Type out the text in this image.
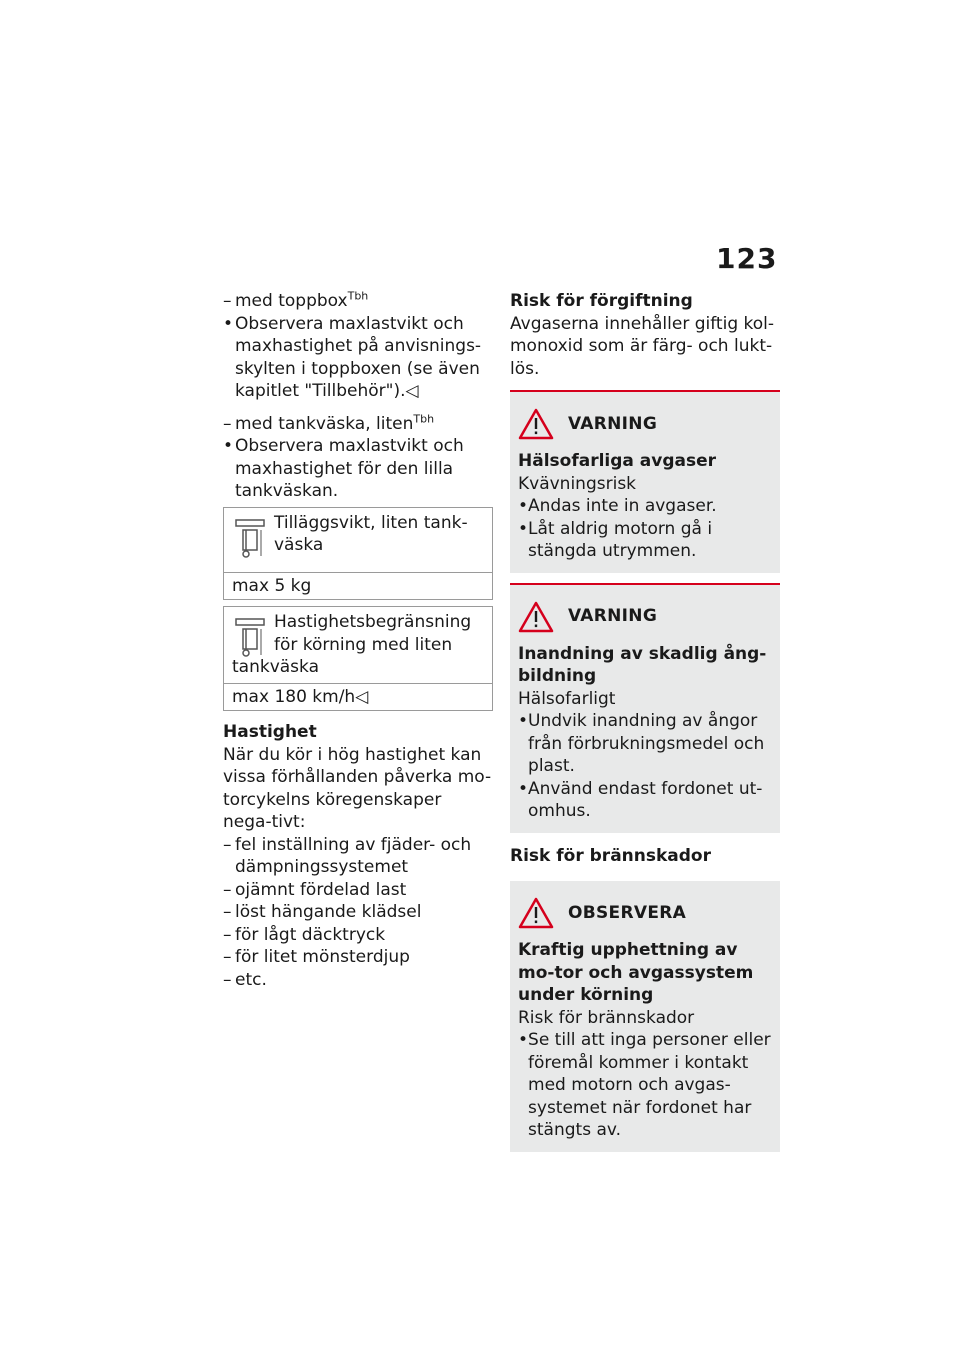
123
– med toppbox$^{Tbh}$
• Observera maxlastvikt och maxhastighet på anvisnings-skylten i toppboxen (se även kapitlet "Tillbehör").◁
– med tankväska, liten$^{Tbh}$
• Observera maxlastvikt och maxhastighet för den lilla tankväskan.
Tilläggsvikt, liten tank-väska
max 5 kg
Hastighetsbegränsning för körning med liten
tankväska
max 180 km/h◁
Hastighet
När du kör i hög hastighet kan vissa förhållanden påverka mo-torcykelns köregenskaper nega-tivt:
– fel inställning av fjäder- och dämpningssystemet
– ojämnt fördelad last
– löst hängande klädsel
– för lågt däcktryck
– för litet mönsterdjup
– etc.
Risk för förgiftning
Avgaserna innehåller giftig kol-monoxid som är färg- och lukt-lös.
VARNING
Hälsofarliga avgaser
Kvävningsrisk
• Andas inte in avgaser.
• Låt aldrig motorn gå i stängda utrymmen.
VARNING
Inandning av skadlig ång-bildning
Hälsofarligt
• Undvik inandning av ångor från förbrukningsmedel och plast.
• Använd endast fordonet ut-omhus.
Risk för brännskador
OBSERVERA
Kraftig upphettning av mo-tor och avgassystem under körning
Risk för brännskador
• Se till att inga personer eller föremål kommer i kontakt med motorn och avgas-systemet när fordonet har stängts av.
